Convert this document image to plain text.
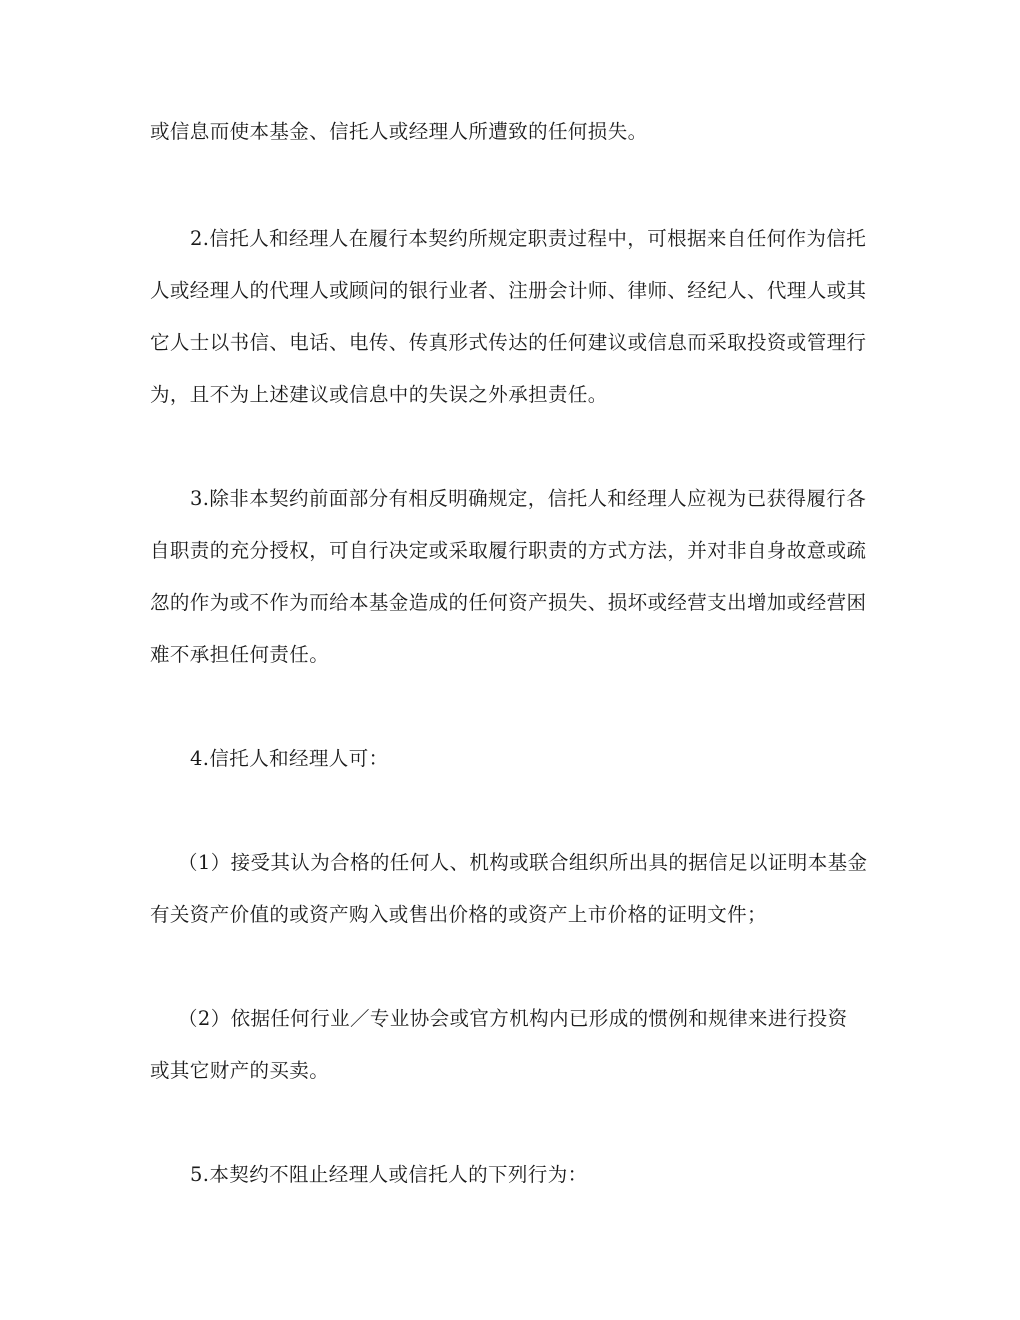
或信息而使本基金、信托人或经理人所遭致的任何损失。

2.信托人和经理人在履行本契约所规定职责过程中，可根据来自任何作为信托

人或经理人的代理人或顾问的银行业者、注册会计师、律师、经纪人、代理人或其

它人士以书信、电话、电传、传真形式传达的任何建议或信息而采取投资或管理行

为，且不为上述建议或信息中的失误之外承担责任。

3.除非本契约前面部分有相反明确规定，信托人和经理人应视为已获得履行各

自职责的充分授权，可自行决定或采取履行职责的方式方法，并对非自身故意或疏

忽的作为或不作为而给本基金造成的任何资产损失、损坏或经营支出增加或经营困

难不承担任何责任。

4.信托人和经理人可：

（1）接受其认为合格的任何人、机构或联合组织所出具的据信足以证明本基金

有关资产价值的或资产购入或售出价格的或资产上市价格的证明文件；

（2）依据任何行业／专业协会或官方机构内已形成的惯例和规律来进行投资

或其它财产的买卖。

5.本契约不阻止经理人或信托人的下列行为：
